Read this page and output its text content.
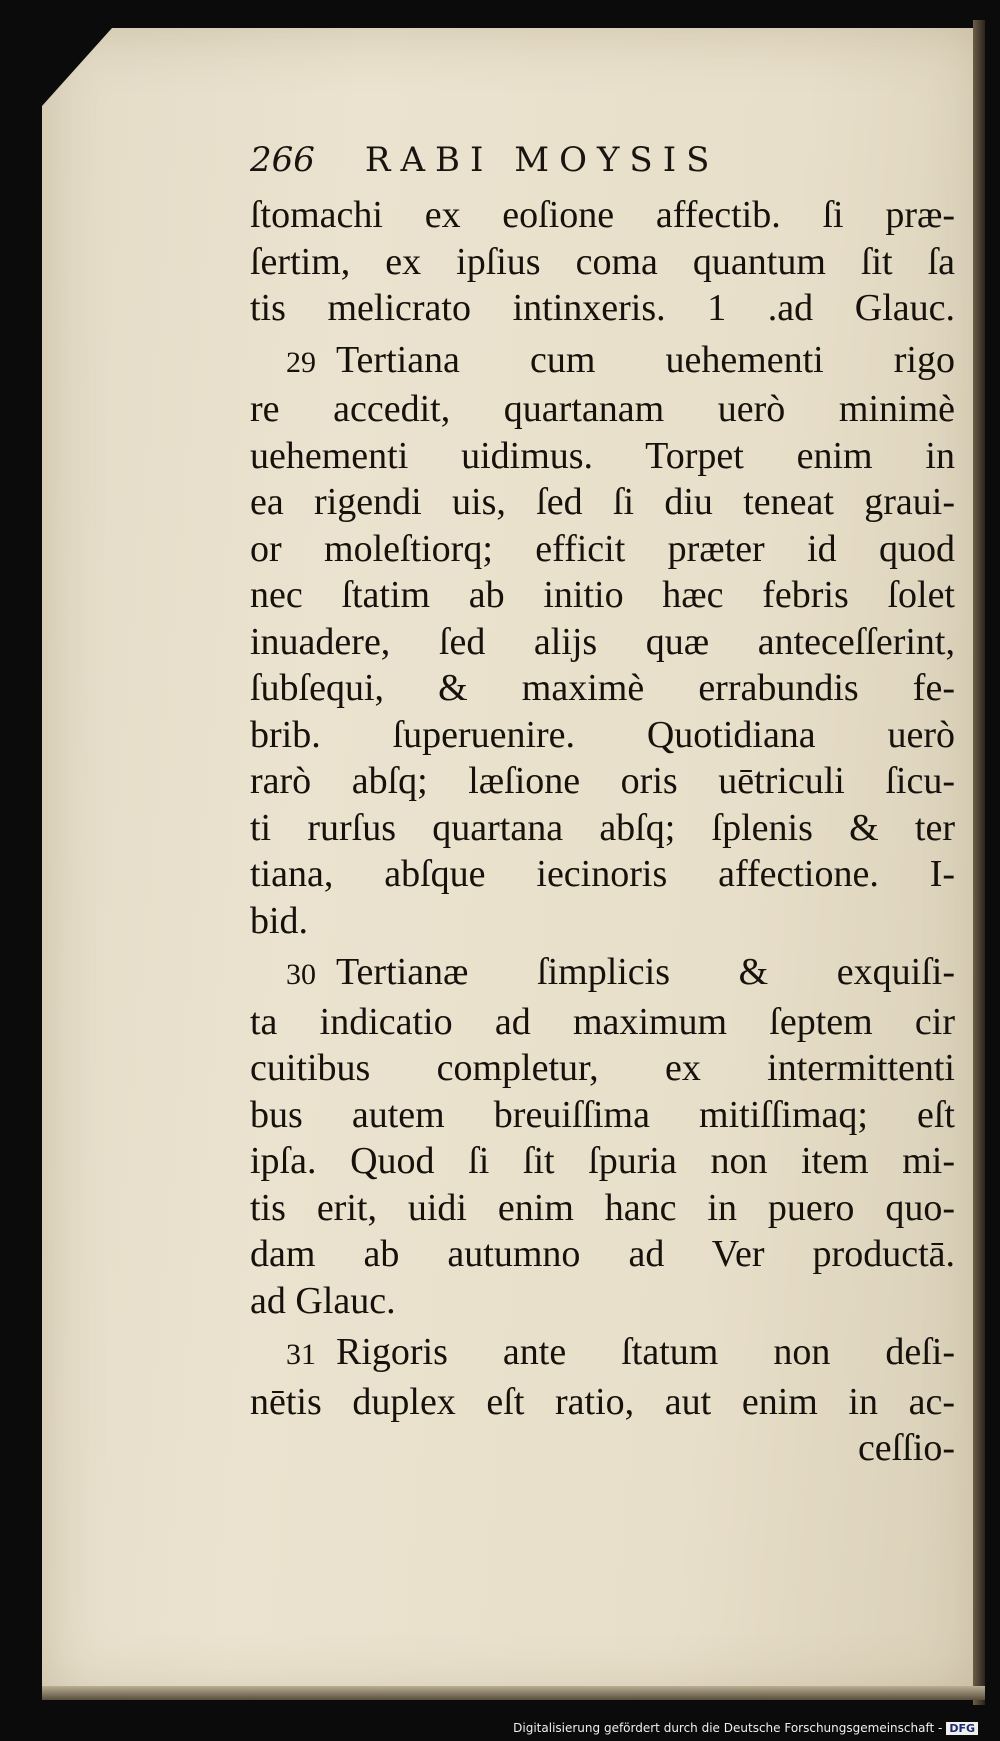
266 RABI MOYSIS
ſtomachi ex eoſione affectib. ſi præ-
ſertim, ex ipſius coma quantum ſit ſa
tis melicrato intinxeris. 1 .ad Glauc.
29 Tertiana cum uehementi rigo
re accedit, quartanam uerò minimè
uehementi uidimus. Torpet enim in
ea rigendi uis, ſed ſi diu teneat graui-
or moleſtiorq; efficit præter id quod
nec ſtatim ab initio hæc febris ſolet
inuadere, ſed alijs quæ anteceſſerint,
ſubſequi, & maximè errabundis fe-
brib. ſuperuenire. Quotidiana uerò
rarò abſq; læſione oris uētriculi ſicu-
ti rurſus quartana abſq; ſplenis & ter
tiana, abſque iecinoris affectione. I-
bid.
30 Tertianæ ſimplicis & exquiſi-
ta indicatio ad maximum ſeptem cir
cuitibus completur, ex intermittenti
bus autem breuiſſima mitiſſimaq; eſt
ipſa. Quod ſi ſit ſpuria non item mi-
tis erit, uidi enim hanc in puero quo-
dam ab autumno ad Ver productā.
ad Glauc.
31 Rigoris ante ſtatum non deſi-
nētis duplex eſt ratio, aut enim in ac-
ceſſio-
Digitalisierung gefördert durch die Deutsche Forschungsgemeinschaft - DFG
